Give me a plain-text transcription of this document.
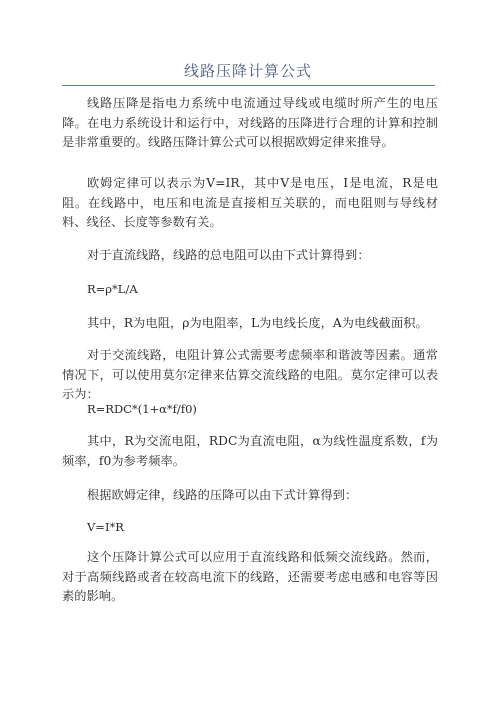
线路压降计算公式

线路压降是指电力系统中电流通过导线或电缆时所产生的电压降。在电力系统设计和运行中，对线路的压降进行合理的计算和控制是非常重要的。线路压降计算公式可以根据欧姆定律来推导。

欧姆定律可以表示为V=IR，其中V是电压，I是电流，R是电阻。在线路中，电压和电流是直接相互关联的，而电阻则与导线材料、线径、长度等参数有关。

对于直流线路，线路的总电阻可以由下式计算得到：

R=ρ*L/A

其中，R为电阻，ρ为电阻率，L为电线长度，A为电线截面积。

对于交流线路，电阻计算公式需要考虑频率和谐波等因素。通常情况下，可以使用莫尔定律来估算交流线路的电阻。莫尔定律可以表示为：

R=RDC*(1+α*f/f0)

其中，R为交流电阻，RDC为直流电阻，α为线性温度系数，f为频率，f0为参考频率。

根据欧姆定律，线路的压降可以由下式计算得到：

V=I*R

这个压降计算公式可以应用于直流线路和低频交流线路。然而，对于高频线路或者在较高电流下的线路，还需要考虑电感和电容等因素的影响。
